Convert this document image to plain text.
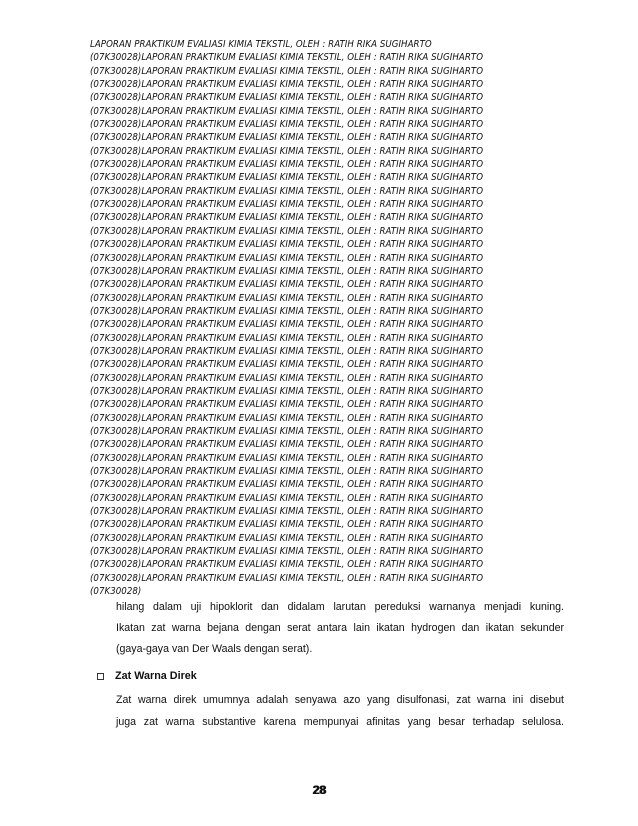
LAPORAN PRAKTIKUM EVALIASI KIMIA TEKSTIL, OLEH : RATIH RIKA SUGIHARTO
(07K30028)LAPORAN PRAKTIKUM EVALIASI KIMIA TEKSTIL, OLEH : RATIH RIKA SUGIHARTO
(07K30028)LAPORAN PRAKTIKUM EVALIASI KIMIA TEKSTIL, OLEH : RATIH RIKA SUGIHARTO
(07K30028)LAPORAN PRAKTIKUM EVALIASI KIMIA TEKSTIL, OLEH : RATIH RIKA SUGIHARTO
(07K30028)LAPORAN PRAKTIKUM EVALIASI KIMIA TEKSTIL, OLEH : RATIH RIKA SUGIHARTO
(07K30028)LAPORAN PRAKTIKUM EVALIASI KIMIA TEKSTIL, OLEH : RATIH RIKA SUGIHARTO
(07K30028)LAPORAN PRAKTIKUM EVALIASI KIMIA TEKSTIL, OLEH : RATIH RIKA SUGIHARTO
(07K30028)LAPORAN PRAKTIKUM EVALIASI KIMIA TEKSTIL, OLEH : RATIH RIKA SUGIHARTO
(07K30028)LAPORAN PRAKTIKUM EVALIASI KIMIA TEKSTIL, OLEH : RATIH RIKA SUGIHARTO
(07K30028)LAPORAN PRAKTIKUM EVALIASI KIMIA TEKSTIL, OLEH : RATIH RIKA SUGIHARTO
(07K30028)LAPORAN PRAKTIKUM EVALIASI KIMIA TEKSTIL, OLEH : RATIH RIKA SUGIHARTO
(07K30028)LAPORAN PRAKTIKUM EVALIASI KIMIA TEKSTIL, OLEH : RATIH RIKA SUGIHARTO
(07K30028)LAPORAN PRAKTIKUM EVALIASI KIMIA TEKSTIL, OLEH : RATIH RIKA SUGIHARTO
(07K30028)LAPORAN PRAKTIKUM EVALIASI KIMIA TEKSTIL, OLEH : RATIH RIKA SUGIHARTO
(07K30028)LAPORAN PRAKTIKUM EVALIASI KIMIA TEKSTIL, OLEH : RATIH RIKA SUGIHARTO
(07K30028)LAPORAN PRAKTIKUM EVALIASI KIMIA TEKSTIL, OLEH : RATIH RIKA SUGIHARTO
(07K30028)LAPORAN PRAKTIKUM EVALIASI KIMIA TEKSTIL, OLEH : RATIH RIKA SUGIHARTO
(07K30028)LAPORAN PRAKTIKUM EVALIASI KIMIA TEKSTIL, OLEH : RATIH RIKA SUGIHARTO
(07K30028)LAPORAN PRAKTIKUM EVALIASI KIMIA TEKSTIL, OLEH : RATIH RIKA SUGIHARTO
(07K30028)LAPORAN PRAKTIKUM EVALIASI KIMIA TEKSTIL, OLEH : RATIH RIKA SUGIHARTO
(07K30028)LAPORAN PRAKTIKUM EVALIASI KIMIA TEKSTIL, OLEH : RATIH RIKA SUGIHARTO
(07K30028)LAPORAN PRAKTIKUM EVALIASI KIMIA TEKSTIL, OLEH : RATIH RIKA SUGIHARTO
(07K30028)LAPORAN PRAKTIKUM EVALIASI KIMIA TEKSTIL, OLEH : RATIH RIKA SUGIHARTO
(07K30028)LAPORAN PRAKTIKUM EVALIASI KIMIA TEKSTIL, OLEH : RATIH RIKA SUGIHARTO
(07K30028)LAPORAN PRAKTIKUM EVALIASI KIMIA TEKSTIL, OLEH : RATIH RIKA SUGIHARTO
(07K30028)LAPORAN PRAKTIKUM EVALIASI KIMIA TEKSTIL, OLEH : RATIH RIKA SUGIHARTO
(07K30028)LAPORAN PRAKTIKUM EVALIASI KIMIA TEKSTIL, OLEH : RATIH RIKA SUGIHARTO
(07K30028)LAPORAN PRAKTIKUM EVALIASI KIMIA TEKSTIL, OLEH : RATIH RIKA SUGIHARTO
(07K30028)LAPORAN PRAKTIKUM EVALIASI KIMIA TEKSTIL, OLEH : RATIH RIKA SUGIHARTO
(07K30028)LAPORAN PRAKTIKUM EVALIASI KIMIA TEKSTIL, OLEH : RATIH RIKA SUGIHARTO
(07K30028)LAPORAN PRAKTIKUM EVALIASI KIMIA TEKSTIL, OLEH : RATIH RIKA SUGIHARTO
(07K30028)LAPORAN PRAKTIKUM EVALIASI KIMIA TEKSTIL, OLEH : RATIH RIKA SUGIHARTO
(07K30028)LAPORAN PRAKTIKUM EVALIASI KIMIA TEKSTIL, OLEH : RATIH RIKA SUGIHARTO
(07K30028)LAPORAN PRAKTIKUM EVALIASI KIMIA TEKSTIL, OLEH : RATIH RIKA SUGIHARTO
(07K30028)LAPORAN PRAKTIKUM EVALIASI KIMIA TEKSTIL, OLEH : RATIH RIKA SUGIHARTO
(07K30028)LAPORAN PRAKTIKUM EVALIASI KIMIA TEKSTIL, OLEH : RATIH RIKA SUGIHARTO
(07K30028)LAPORAN PRAKTIKUM EVALIASI KIMIA TEKSTIL, OLEH : RATIH RIKA SUGIHARTO
(07K30028)LAPORAN PRAKTIKUM EVALIASI KIMIA TEKSTIL, OLEH : RATIH RIKA SUGIHARTO
(07K30028)LAPORAN PRAKTIKUM EVALIASI KIMIA TEKSTIL, OLEH : RATIH RIKA SUGIHARTO
(07K30028)LAPORAN PRAKTIKUM EVALIASI KIMIA TEKSTIL, OLEH : RATIH RIKA SUGIHARTO
(07K30028)LAPORAN PRAKTIKUM EVALIASI KIMIA TEKSTIL, OLEH : RATIH RIKA SUGIHARTO
(07K30028)

hilang dalam uji hipoklorit dan didalam larutan pereduksi warnanya menjadi kuning.
Ikatan zat warna bejana dengan serat antara lain ikatan hydrogen dan ikatan sekunder
(gaya-gaya van Der Waals dengan serat).

Zat Warna Direk
Zat warna direk umumnya adalah senyawa azo yang disulfonasi, zat warna ini disebut
juga zat warna substantive karena mempunyai afinitas yang besar terhadap selulosa.
28
